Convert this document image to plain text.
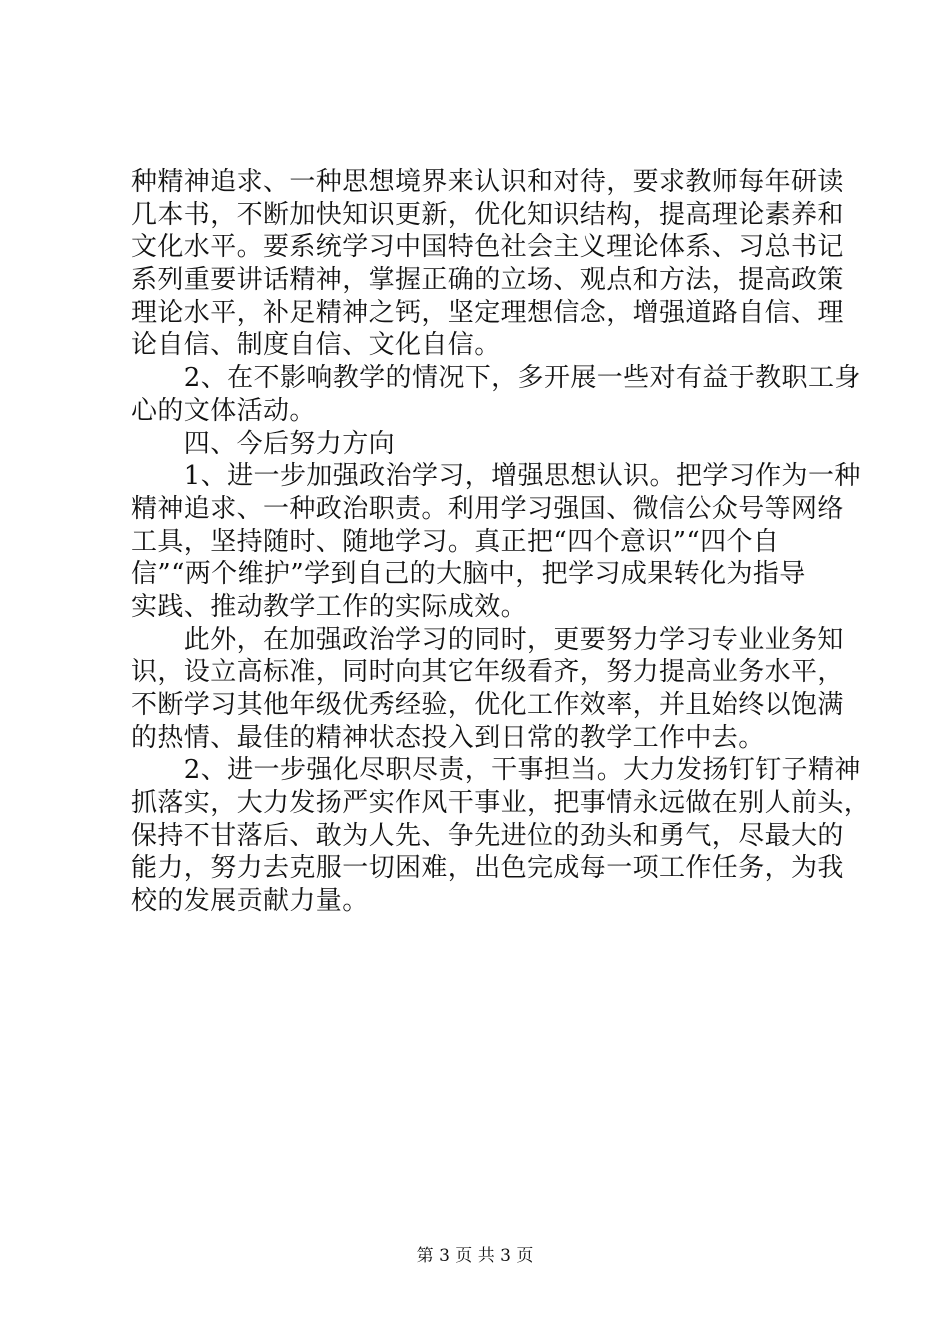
种精神追求、一种思想境界来认识和对待，要求教师每年研读
几本书，不断加快知识更新，优化知识结构，提高理论素养和
文化水平。要系统学习中国特色社会主义理论体系、习总书记
系列重要讲话精神，掌握正确的立场、观点和方法，提高政策
理论水平，补足精神之钙，坚定理想信念，增强道路自信、理
论自信、制度自信、文化自信。
　　2、在不影响教学的情况下，多开展一些对有益于教职工身
心的文体活动。
　　四、今后努力方向
　　1、进一步加强政治学习，增强思想认识。把学习作为一种
精神追求、一种政治职责。利用学习强国、微信公众号等网络
工具，坚持随时、随地学习。真正把“四个意识”“四个自
信”“两个维护”学到自己的大脑中，把学习成果转化为指导
实践、推动教学工作的实际成效。
　　此外，在加强政治学习的同时，更要努力学习专业业务知
识，设立高标准，同时向其它年级看齐，努力提高业务水平，
不断学习其他年级优秀经验，优化工作效率，并且始终以饱满
的热情、最佳的精神状态投入到日常的教学工作中去。
　　2、进一步强化尽职尽责，干事担当。大力发扬钉钉子精神
抓落实，大力发扬严实作风干事业，把事情永远做在别人前头，
保持不甘落后、敢为人先、争先进位的劲头和勇气，尽最大的
能力，努力去克服一切困难，出色完成每一项工作任务，为我
校的发展贡献力量。
第 3 页 共 3 页
